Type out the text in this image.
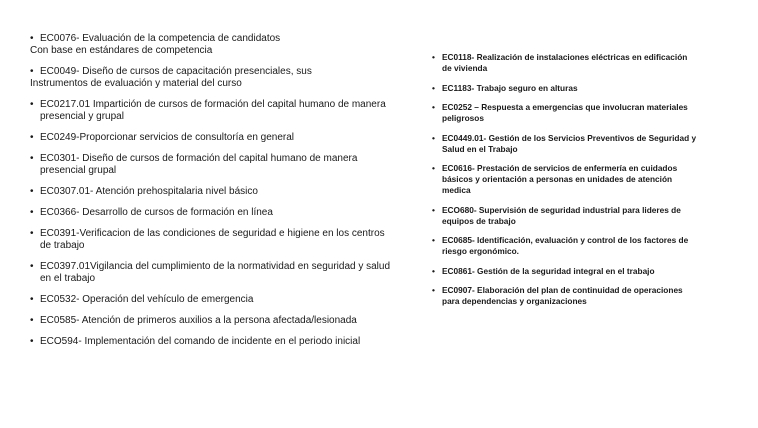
• EC0076- Evaluación de la competencia de candidatos
Con base en estándares de competencia
• EC0049- Diseño de cursos de capacitación presenciales, sus
Instrumentos de evaluación y material del curso
• EC0217.01 Impartición de cursos de formación del capital humano de manera
presencial y grupal
• EC0249-Proporcionar servicios de consultoría en general
• EC0301- Diseño de cursos de formación del capital humano de manera
presencial grupal
• EC0307.01- Atención prehospitalaria nivel básico
• EC0366- Desarrollo de cursos de formación en línea
• EC0391-Verificacion de las condiciones de seguridad e higiene en los centros
de trabajo
• EC0397.01Vigilancia del cumplimiento de la normatividad en seguridad y salud
en el trabajo
• EC0532- Operación del vehículo de emergencia
• EC0585- Atención de primeros auxilios a la persona afectada/lesionada
• ECO594- Implementación del comando de incidente en el periodo inicial
• EC0118- Realización de instalaciones eléctricas en edificación
de vivienda
• EC1183- Trabajo seguro en alturas
• EC0252 – Respuesta a emergencias que involucran materiales
peligrosos
• EC0449.01- Gestión de los Servicios Preventivos de Seguridad y
Salud en el Trabajo
• EC0616- Prestación de servicios de enfermería en cuidados
básicos y orientación a personas en unidades de atención
medica
• ECO680- Supervisión de seguridad industrial para lideres de
equipos de trabajo
• EC0685- Identificación, evaluación y control de los factores de
riesgo ergonómico.
• EC0861- Gestión de la seguridad integral en el trabajo
• EC0907- Elaboración del plan de continuidad de operaciones
para dependencias y organizaciones
